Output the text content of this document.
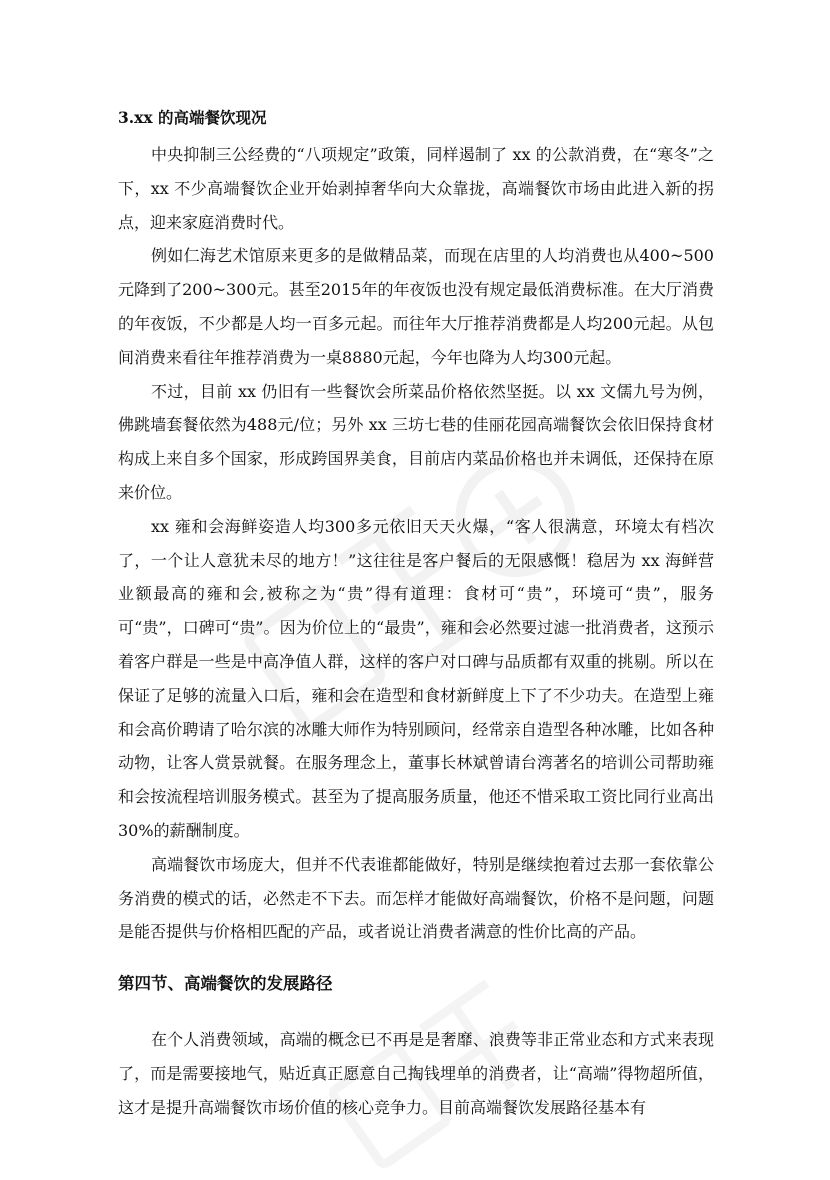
3.xx 的高端餐饮现况

中央抑制三公经费的“八项规定”政策，同样遏制了 xx 的公款消费，在“寒冬”之下，xx 不少高端餐饮企业开始剥掉奢华向大众靠拢，高端餐饮市场由此进入新的拐点，迎来家庭消费时代。

例如仁海艺术馆原来更多的是做精品菜，而现在店里的人均消费也从400~500元降到了200~300元。甚至2015年的年夜饭也没有规定最低消费标准。在大厅消费的年夜饭，不少都是人均一百多元起。而往年大厅推荐消费都是人均200元起。从包间消费来看往年推荐消费为一桌8880元起，今年也降为人均300元起。

不过，目前 xx 仍旧有一些餐饮会所菜品价格依然坚挺。以 xx 文儒九号为例，佛跳墙套餐依然为488元/位；另外 xx 三坊七巷的佳丽花园高端餐饮会依旧保持食材构成上来自多个国家，形成跨国界美食，目前店内菜品价格也并未调低，还保持在原来价位。

xx 雍和会海鲜姿造人均300多元依旧天天火爆，“客人很满意，环境太有档次了，一个让人意犹未尽的地方！”这往往是客户餐后的无限感慨！稳居为 xx 海鲜营业额最高的雍和会,被称之为“贵”得有道理：食材可“贵”，环境可“贵”，服务可“贵”，口碑可“贵”。因为价位上的“最贵”，雍和会必然要过滤一批消费者，这预示着客户群是一些是中高净值人群，这样的客户对口碑与品质都有双重的挑剔。所以在保证了足够的流量入口后，雍和会在造型和食材新鲜度上下了不少功夫。在造型上雍和会高价聘请了哈尔滨的冰雕大师作为特别顾问，经常亲自造型各种冰雕，比如各种动物，让客人赏景就餐。在服务理念上，董事长林斌曾请台湾著名的培训公司帮助雍和会按流程培训服务模式。甚至为了提高服务质量，他还不惜采取工资比同行业高出30%的薪酬制度。

高端餐饮市场庞大，但并不代表谁都能做好，特别是继续抱着过去那一套依靠公务消费的模式的话，必然走不下去。而怎样才能做好高端餐饮，价格不是问题，问题是能否提供与价格相匹配的产品，或者说让消费者满意的性价比高的产品。

第四节、高端餐饮的发展路径

在个人消费领域，高端的概念已不再是是奢靡、浪费等非正常业态和方式来表现了，而是需要接地气，贴近真正愿意自己掏钱埋单的消费者，让“高端”得物超所值，这才是提升高端餐饮市场价值的核心竞争力。目前高端餐饮发展路径基本有
